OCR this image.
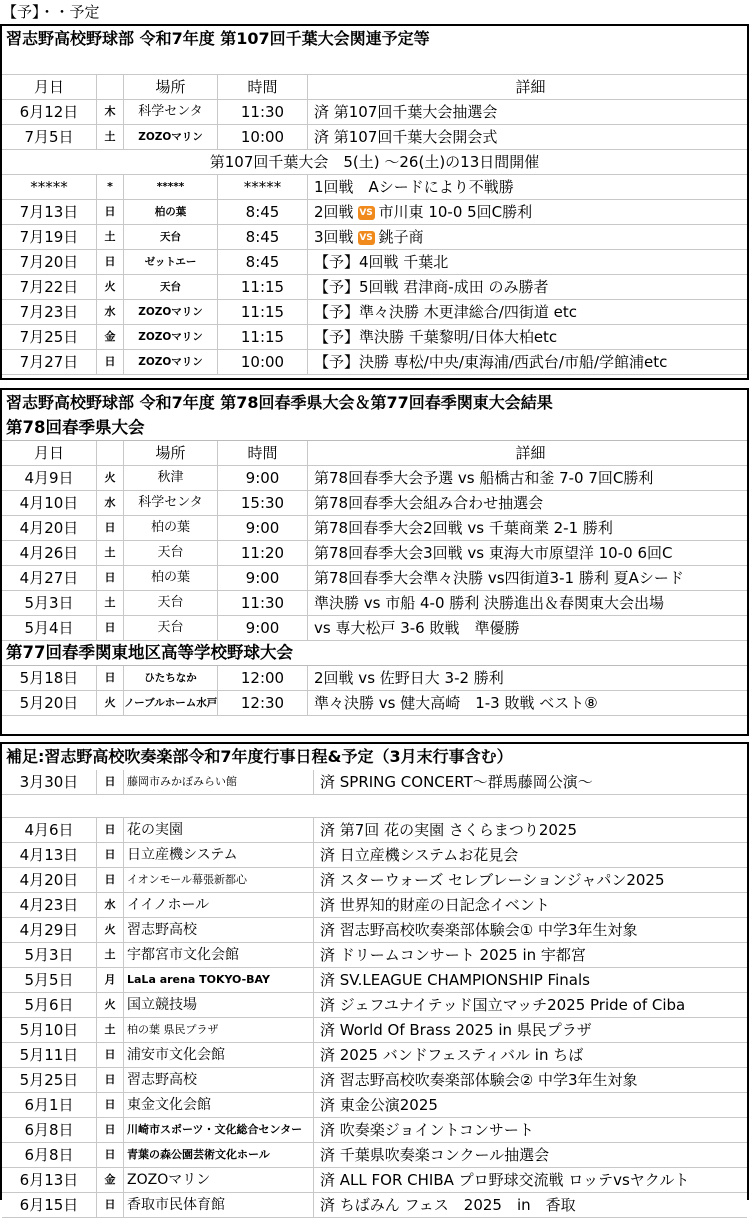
【予】・・予定
習志野高校野球部 令和7年度 第107回千葉大会関連予定等
月日	場所	時間	詳細
6月12日	木	科学センタ	11:30	済 第107回千葉大会抽選会
7月5日	土	ZOZOマリン	10:00	済 第107回千葉大会開会式
第107回千葉大会　5(土) ～26(土)の13日間開催
*****	*	*****	*****	1回戦　Aシードにより不戦勝
7月13日	日	柏の葉	8:45	2回戦 VS 市川東 10-0 5回C勝利
7月19日	土	天台	8:45	3回戦 VS 銚子商
7月20日	日	ゼットエー	8:45	【予】4回戦 千葉北
7月22日	火	天台	11:15	【予】5回戦 君津商-成田 のみ勝者
7月23日	水	ZOZOマリン	11:15	【予】準々決勝 木更津総合/四街道 etc
7月25日	金	ZOZOマリン	11:15	【予】準決勝 千葉黎明/日体大柏etc
7月27日	日	ZOZOマリン	10:00	【予】決勝 専松/中央/東海浦/西武台/市船/学館浦etc
習志野高校野球部 令和7年度 第78回春季県大会＆第77回春季関東大会結果
第78回春季県大会
月日	場所	時間	詳細
4月9日	火	秋津	9:00	第78回春季大会予選 vs 船橋古和釜 7-0 7回C勝利
4月10日	水	科学センタ	15:30	第78回春季大会組み合わせ抽選会
4月20日	日	柏の葉	9:00	第78回春季大会2回戦 vs 千葉商業 2-1 勝利
4月26日	土	天台	11:20	第78回春季大会3回戦 vs 東海大市原望洋 10-0 6回C
4月27日	日	柏の葉	9:00	第78回春季大会準々決勝 vs四街道3-1 勝利 夏Aシード
5月3日	土	天台	11:30	準決勝 vs 市船 4-0 勝利 決勝進出＆春関東大会出場
5月4日	日	天台	9:00	vs 専大松戸 3-6 敗戦　準優勝
第77回春季関東地区高等学校野球大会
5月18日	日	ひたちなか	12:00	2回戦 vs 佐野日大 3-2 勝利
5月20日	火 ノーブルホーム水戸	12:30	準々決勝 vs 健大高崎　1-3 敗戦 ベスト⑧
補足:習志野高校吹奏楽部令和7年度行事日程&予定（3月末行事含む）
3月30日	日	藤岡市みかぼみらい館	済 SPRING CONCERT～群馬藤岡公演～
4月6日	日 花の実園	済 第7回 花の実園 さくらまつり2025
4月13日	日 日立産機システム	済 日立産機システムお花見会
4月20日	日	イオンモール幕張新都心	済 スターウォーズ セレブレーションジャパン2025
4月23日	水 イイノホール	済 世界知的財産の日記念イベント
4月29日	火 習志野高校	済 習志野高校吹奏楽部体験会① 中学3年生対象
5月3日	土 宇都宮市文化会館	済 ドリームコンサート 2025 in 宇都宮
5月5日	月	LaLa arena TOKYO-BAY	済 SV.LEAGUE CHAMPIONSHIP Finals
5月6日	火 国立競技場	済 ジェフユナイテッド国立マッチ2025 Pride of Ciba
5月10日	土	柏の葉 県民プラザ	済 World Of Brass 2025 in 県民プラザ
5月11日	日 浦安市文化会館	済 2025 バンドフェスティバル in ちば
5月25日	日 習志野高校	済 習志野高校吹奏楽部体験会② 中学3年生対象
6月1日	日 東金文化会館	済 東金公演2025
6月8日	日	川崎市スポーツ・文化総合センター	済 吹奏楽ジョイントコンサート
6月8日	日	青葉の森公園芸術文化ホール	済 千葉県吹奏楽コンクール抽選会
6月13日	金 ZOZOマリン	済 ALL FOR CHIBA プロ野球交流戦 ロッテvsヤクルト
6月15日	日 香取市民体育館	済 ちばみん フェス　2025　in　香取
